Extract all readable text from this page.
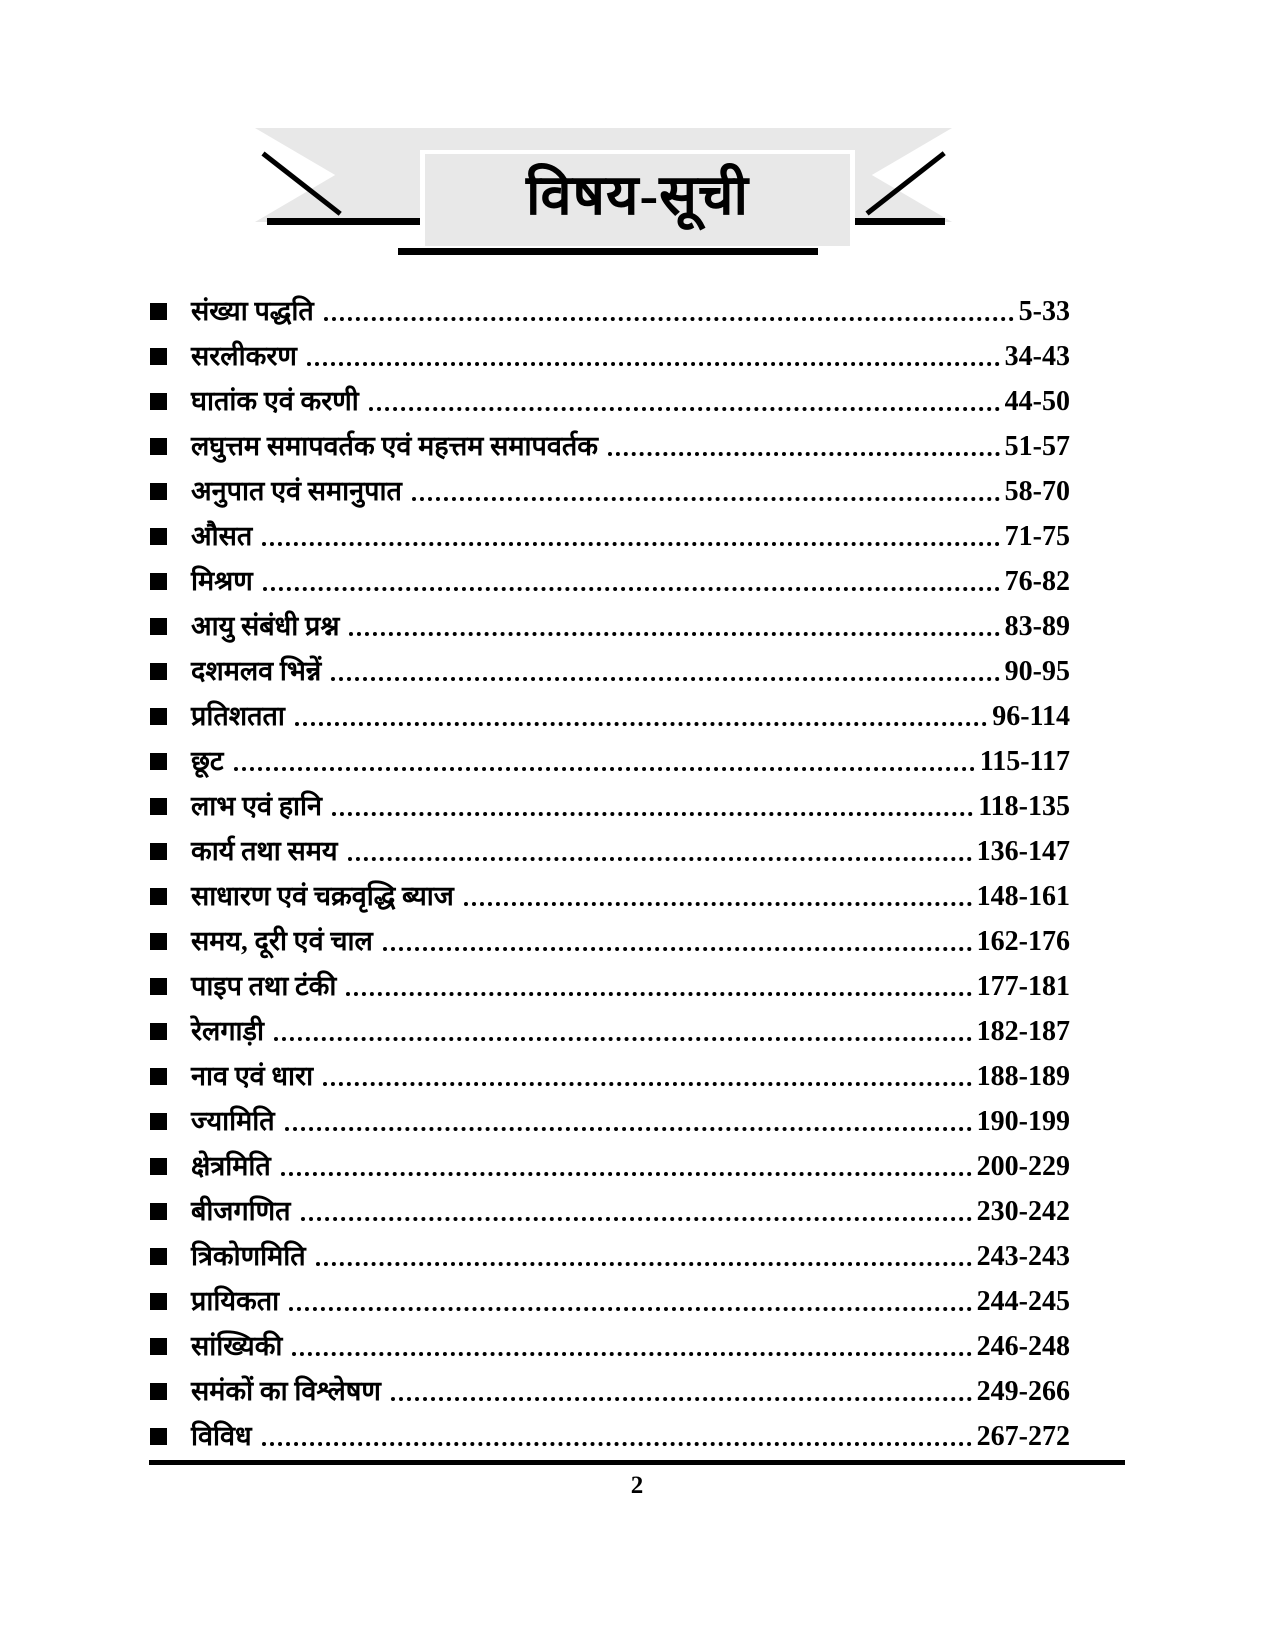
विषय-सूची
संख्या पद्धति	5-33
सरलीकरण	34-43
घातांक एवं करणी	44-50
लघुत्तम समापवर्तक एवं महत्तम समापवर्तक	51-57
अनुपात एवं समानुपात	58-70
औसत	71-75
मिश्रण	76-82
आयु संबंधी प्रश्न	83-89
दशमलव भिन्नें	90-95
प्रतिशतता	96-114
छूट	115-117
लाभ एवं हानि	118-135
कार्य तथा समय	136-147
साधारण एवं चक्रवृद्धि ब्याज	148-161
समय, दूरी एवं चाल	162-176
पाइप तथा टंकी	177-181
रेलगाड़ी	182-187
नाव एवं धारा	188-189
ज्यामिति	190-199
क्षेत्रमिति	200-229
बीजगणित	230-242
त्रिकोणमिति	243-243
प्रायिकता	244-245
सांख्यिकी	246-248
समंकों का विश्लेषण	249-266
विविध	267-272
2
